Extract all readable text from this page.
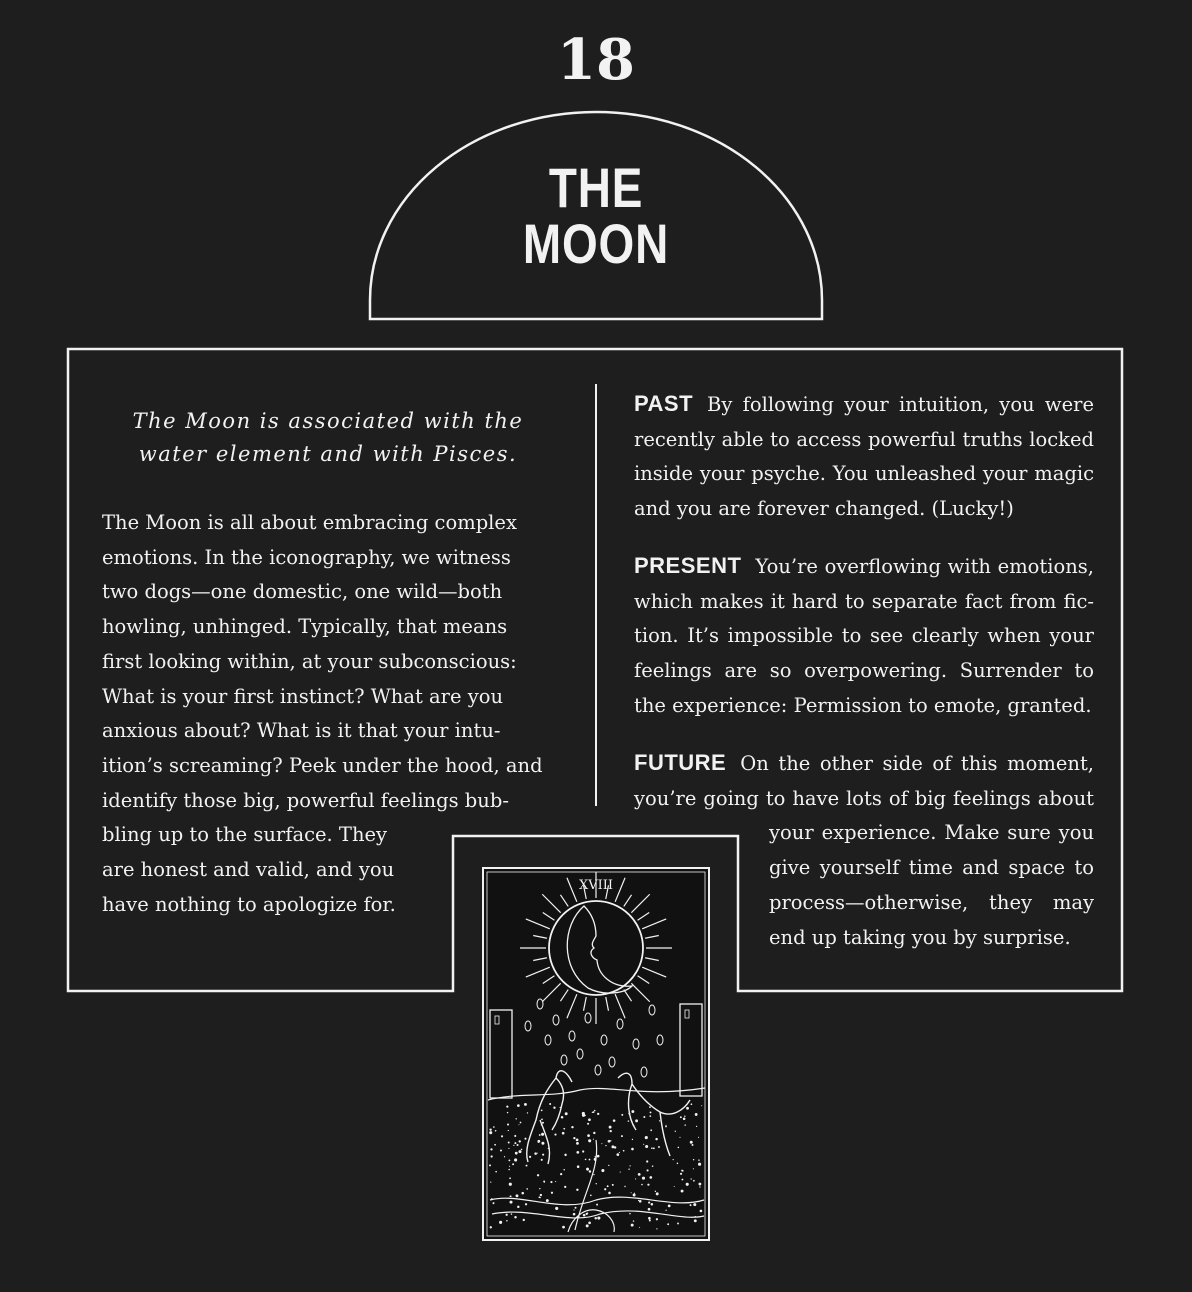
XVIII
18
THE
MOON
The Moon is associated with the
water element and with Pisces.
The Moon is all about embracing complex
emotions. In the iconography, we witness
two dogs—one domestic, one wild—both
howling, unhinged. Typically, that means
first looking within, at your subconscious:
What is your first instinct? What are you
anxious about? What is it that your intu-
ition’s screaming? Peek under the hood, and
identify those big, powerful feelings bub-
bling up to the surface. They
are honest and valid, and you
have nothing to apologize for.
PAST By following your intuition, you were
recently able to access powerful truths locked
inside your psyche. You unleashed your magic
and you are forever changed. (Lucky!)
PRESENT You’re overflowing with emotions,
which makes it hard to separate fact from fic-
tion. It’s impossible to see clearly when your
feelings are so overpowering. Surrender to
the experience: Permission to emote, granted.
FUTURE On the other side of this moment,
you’re going to have lots of big feelings about
your experience. Make sure you
give yourself time and space to
process—otherwise, they may
end up taking you by surprise.
